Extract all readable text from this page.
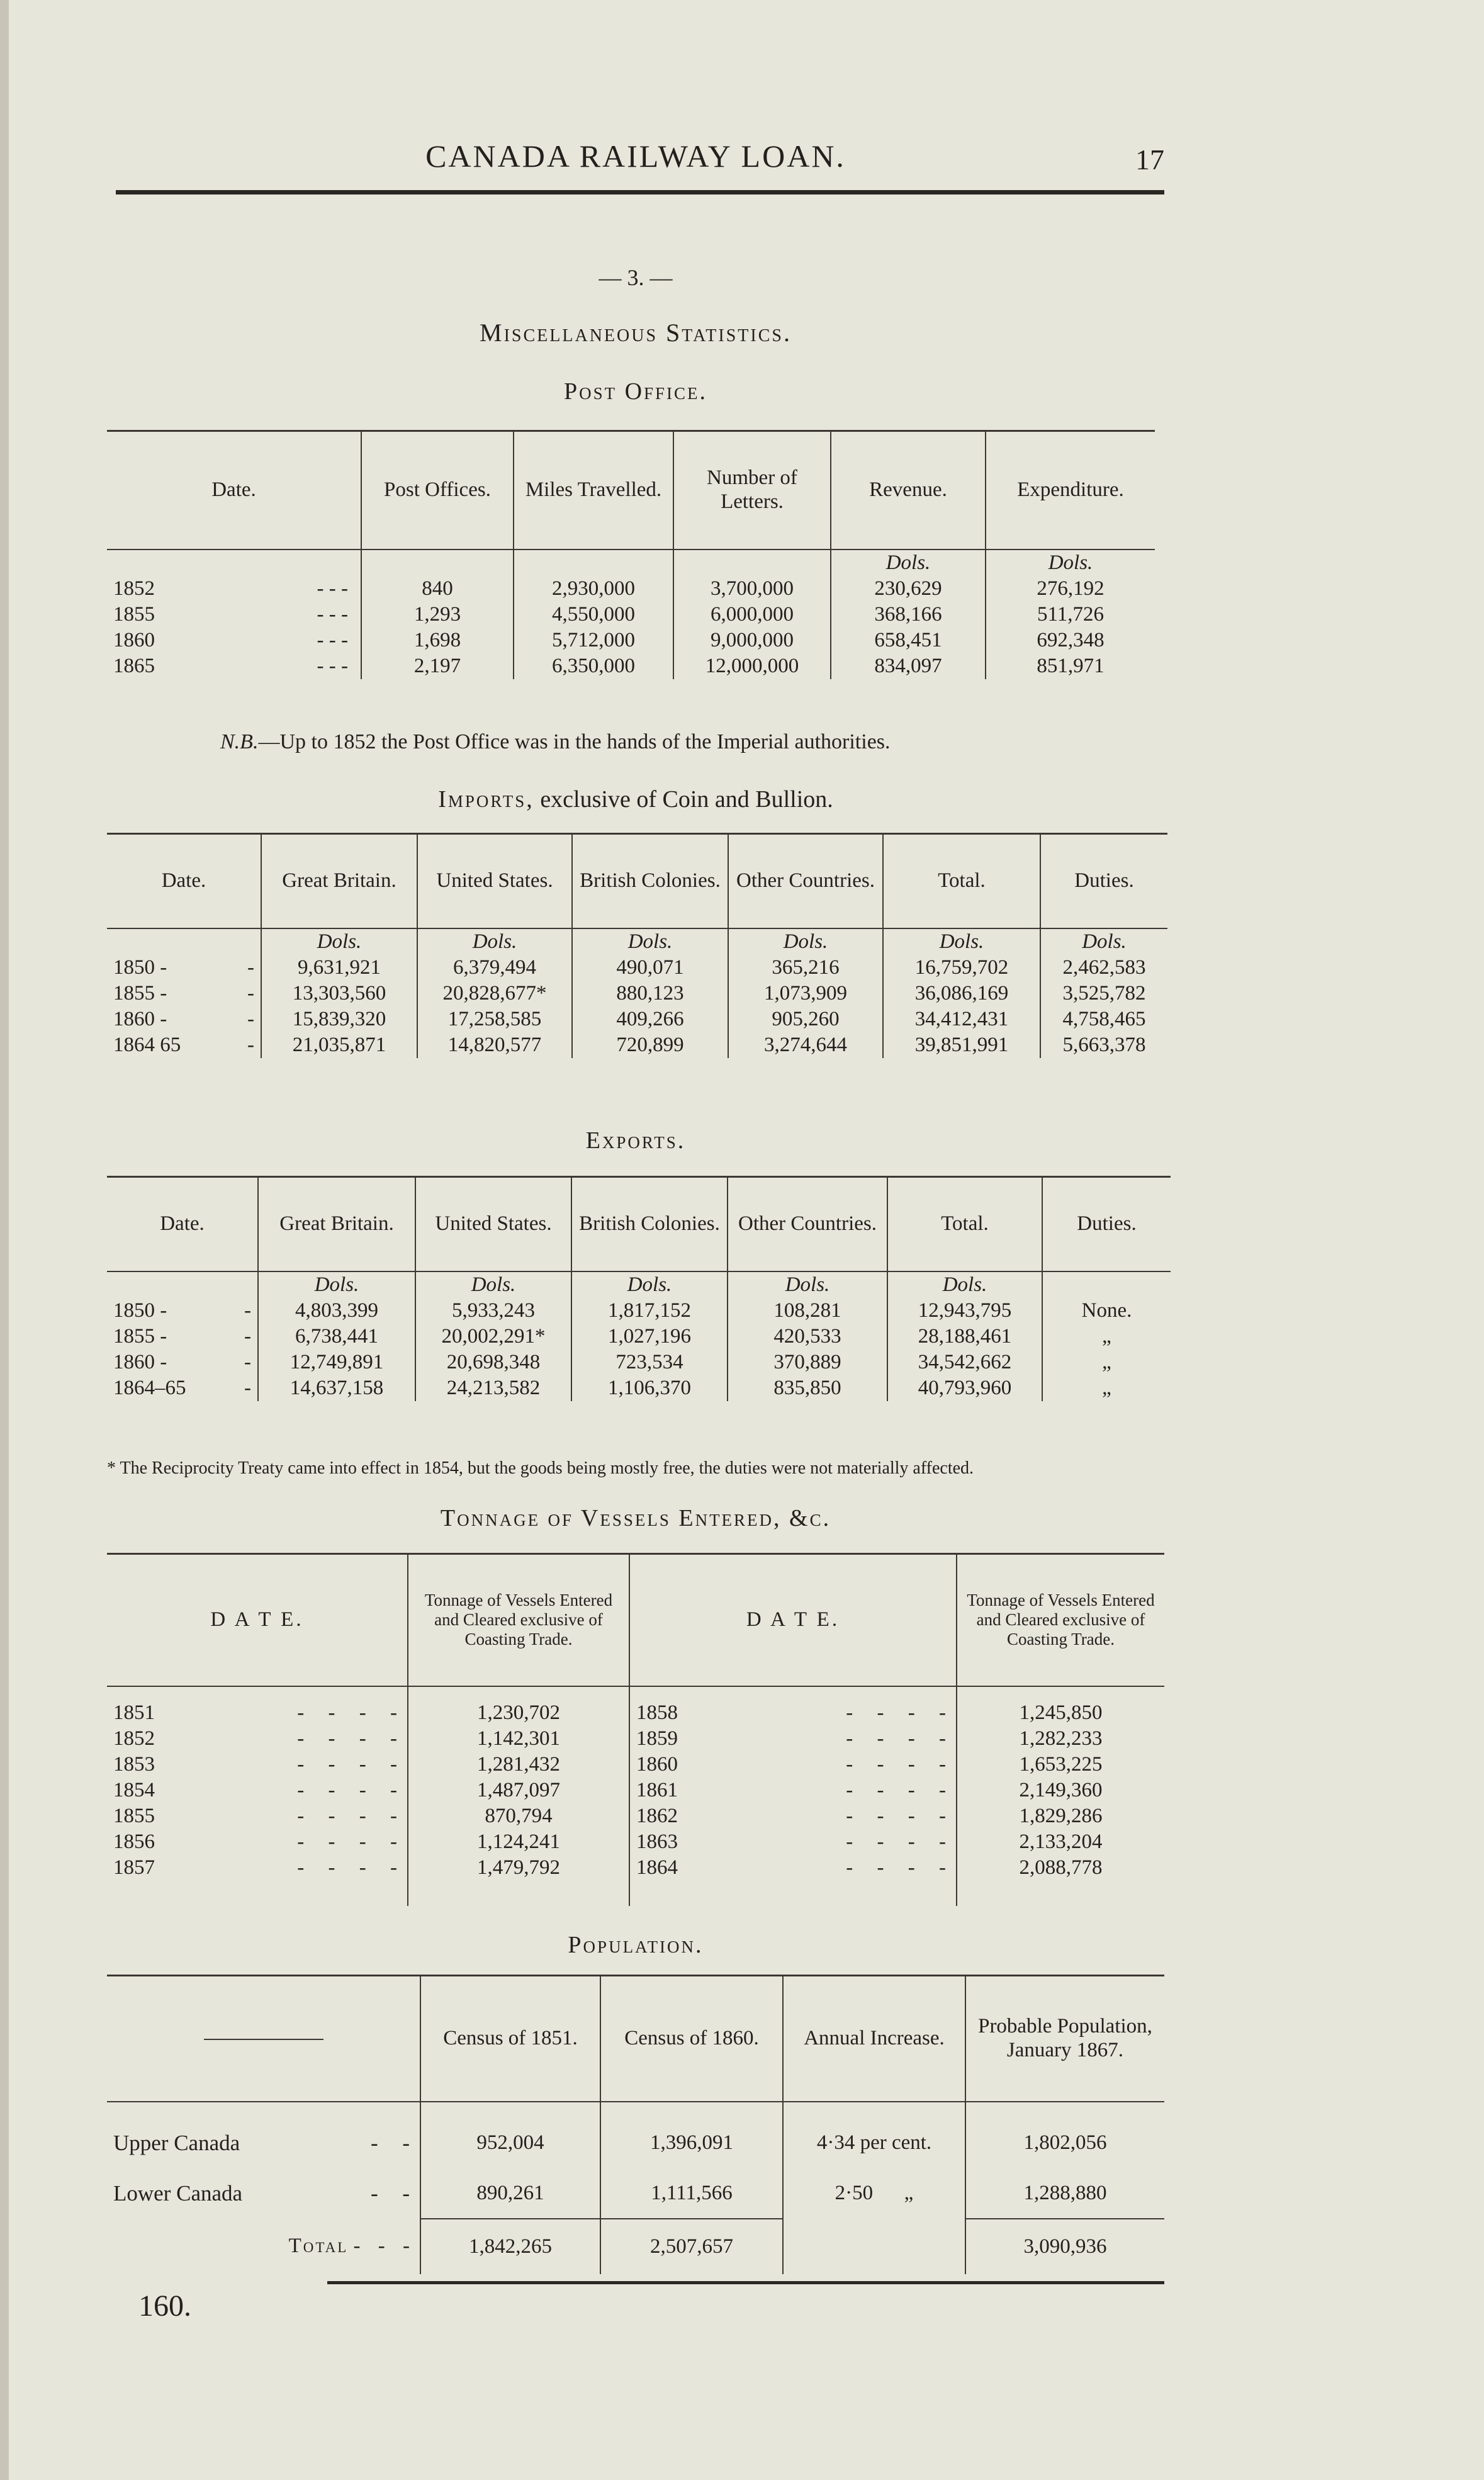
CANADA RAILWAY LOAN.	17
— 3. —
Miscellaneous Statistics.
Post Office.
Date.	Post Offices.	Miles Travelled.	Number of Letters.	Revenue.	Expenditure.
				Dols.	Dols.
1852 - - -	840	2,930,000	3,700,000	230,629	276,192
1855 - - -	1,293	4,550,000	6,000,000	368,166	511,726
1860 - - -	1,698	5,712,000	9,000,000	658,451	692,348
1865 - - -	2,197	6,350,000	12,000,000	834,097	851,971
N.B.—Up to 1852 the Post Office was in the hands of the Imperial authorities.
Imports, exclusive of Coin and Bullion.
Date.	Great Britain.	United States.	British Colonies.	Other Countries.	Total.	Duties.
	Dols.	Dols.	Dols.	Dols.	Dols.	Dols.
1850 - -	9,631,921	6,379,494	490,071	365,216	16,759,702	2,462,583
1855 - -	13,303,560	20,828,677*	880,123	1,073,909	36,086,169	3,525,782
1860 - -	15,839,320	17,258,585	409,266	905,260	34,412,431	4,758,465
1864 65 -	21,035,871	14,820,577	720,899	3,274,644	39,851,991	5,663,378
Exports.
Date.	Great Britain.	United States.	British Colonies.	Other Countries.	Total.	Duties.
	Dols.	Dols.	Dols.	Dols.	Dols.	
1850 - -	4,803,399	5,933,243	1,817,152	108,281	12,943,795	None.
1855 - -	6,738,441	20,002,291*	1,027,196	420,533	28,188,461	„
1860 - -	12,749,891	20,698,348	723,534	370,889	34,542,662	„
1864–65 -	14,637,158	24,213,582	1,106,370	835,850	40,793,960	„
* The Reciprocity Treaty came into effect in 1854, but the goods being mostly free, the duties were not materially affected.
Tonnage of Vessels Entered, &c.
D A T E.	Tonnage of Vessels Entered and Cleared exclusive of Coasting Trade.	D A T E.	Tonnage of Vessels Entered and Cleared exclusive of Coasting Trade.

1851 - - - -	1,230,702	1858 - - - -	1,245,850
1852 - - - -	1,142,301	1859 - - - -	1,282,233
1853 - - - -	1,281,432	1860 - - - -	1,653,225
1854 - - - -	1,487,097	1861 - - - -	2,149,360
1855 - - - -	870,794	1862 - - - -	1,829,286
1856 - - - -	1,124,241	1863 - - - -	2,133,204
1857 - - - -	1,479,792	1864 - - - -	2,088,778

Population.
	Census of 1851.	Census of 1860.	Annual Increase.	Probable Population, January 1867.

Upper Canada - -	952,004	1,396,091	4·34 per cent.	1,802,056
Lower Canada - -	890,261	1,111,566	2·50      „	1,288,880
Total - - -	1,842,265	2,507,657		3,090,936
160.
